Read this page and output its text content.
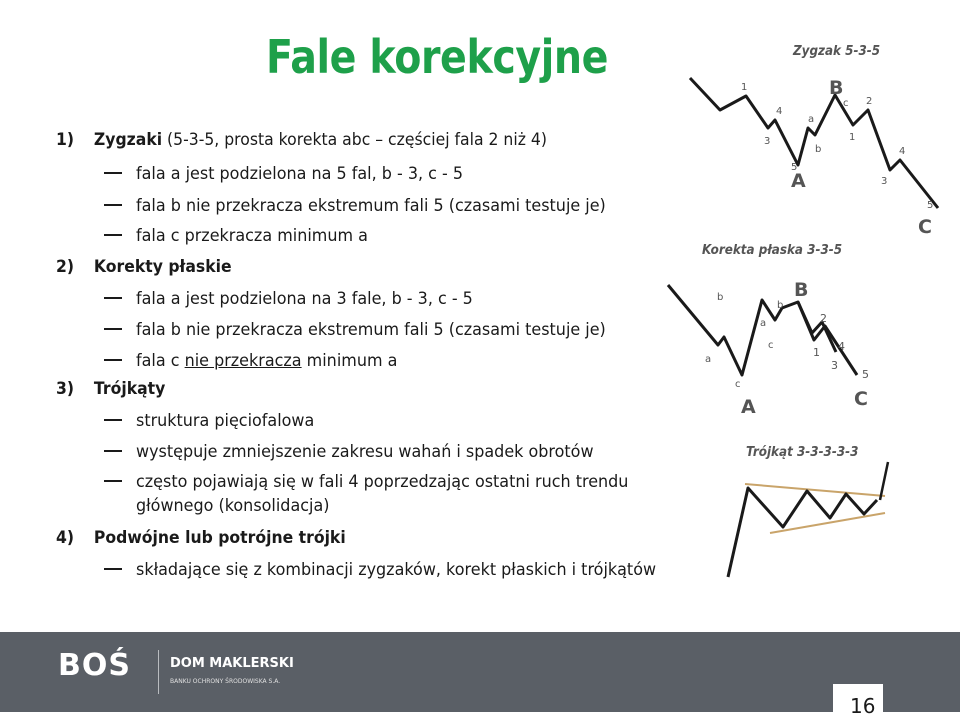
Fale korekcyjne
1) Zygzaki (5-3-5, prosta korekta abc – częściej fala 2 niż 4)
fala a jest podzielona na 5 fal, b - 3, c - 5
fala b nie przekracza ekstremum fali 5 (czasami testuje je)
fala c przekracza minimum a
2) Korekty płaskie
fala a jest podzielona na 3 fale, b - 3, c - 5
fala b nie przekracza ekstremum fali 5 (czasami testuje je)
fala c nie przekracza minimum a
3) Trójkąty
struktura pięciofalowa
występuje zmniejszenie zakresu wahań i spadek obrotów
często pojawiają się w fali 4 poprzedzając ostatni ruch trendu
głównego (konsolidacja)
4) Podwójne lub potrójne trójki
składające się z kombinacji zygzaków, korekt płaskich i trójkątów
Zygzak 5-3-5
Korekta płaska 3-3-5
Trójkąt 3-3-3-3-3
1
3
4
5
a
b
c
1
2
3
4
5
B
A
C
a
b
c
a
b
c
1
2
3
4
5
B
A	C
BOŚ	DOM MAKLERSKI
BANKU OCHRONY ŚRODOWISKA S.A.
16
